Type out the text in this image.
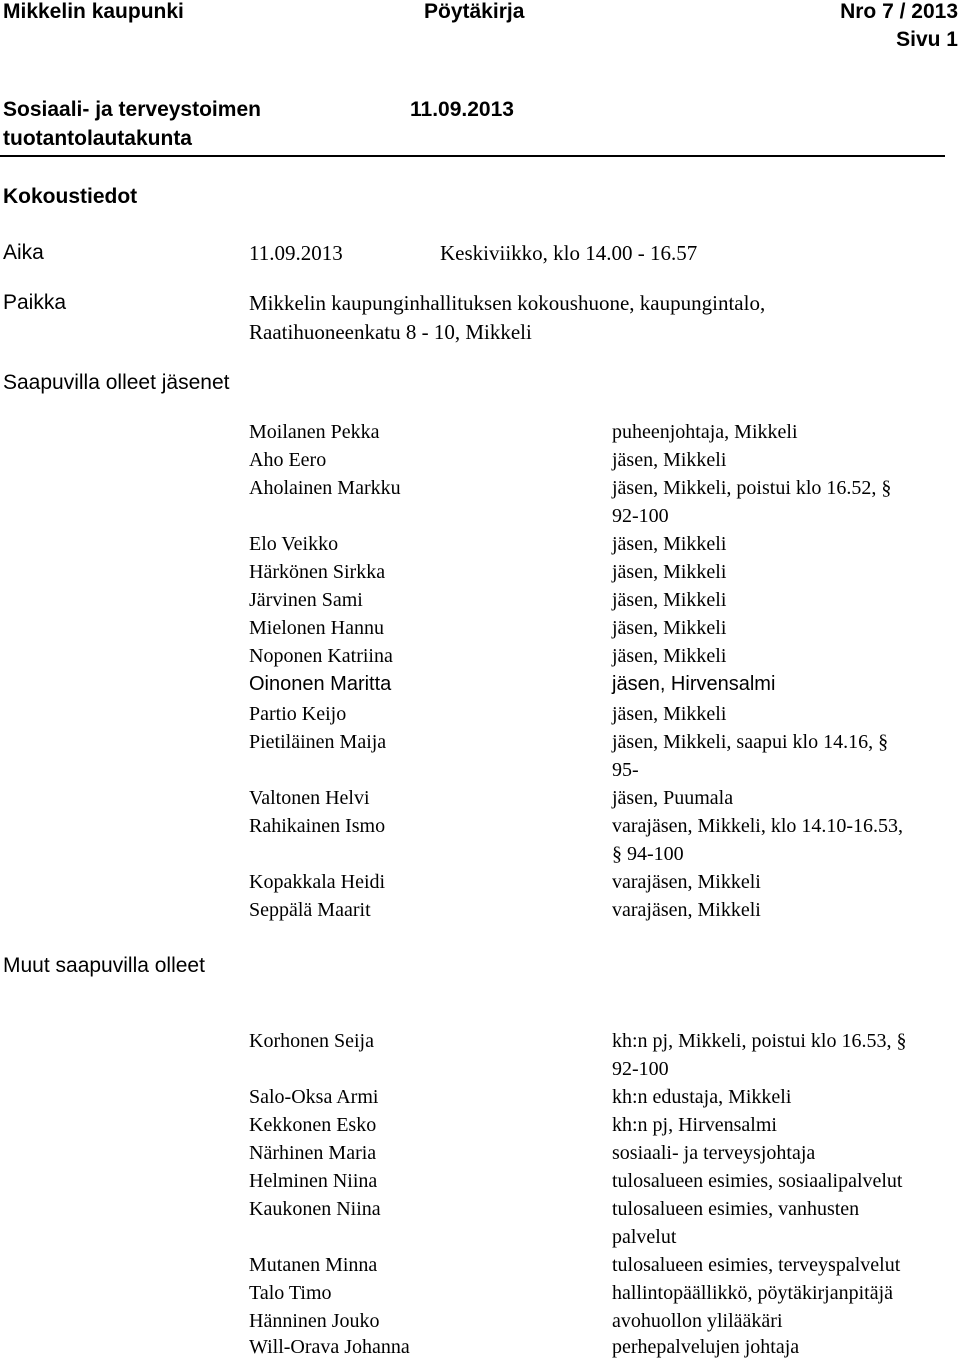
Mikkelin kaupunki	Pöytäkirja	Nro 7 / 2013
Sivu 1
Sosiaali- ja terveystoimen
tuotantolautakunta
11.09.2013
Kokoustiedot
Aika	11.09.2013	Keskiviikko, klo 14.00 - 16.57
Paikka	Mikkelin kaupunginhallituksen kokoushuone, kaupungintalo,
Raatihuoneenkatu 8 - 10, Mikkeli
Saapuvilla olleet jäsenet
Moilanen Pekka	puheenjohtaja, Mikkeli
Aho Eero	jäsen, Mikkeli
Aholainen Markku	jäsen, Mikkeli, poistui klo 16.52, §
92-100
Elo Veikko	jäsen, Mikkeli
Härkönen Sirkka	jäsen, Mikkeli
Järvinen Sami	jäsen, Mikkeli
Mielonen Hannu	jäsen, Mikkeli
Noponen Katriina	jäsen, Mikkeli
Oinonen Maritta	jäsen, Hirvensalmi
Partio Keijo	jäsen, Mikkeli
Pietiläinen Maija	jäsen, Mikkeli, saapui klo 14.16, §
95-
Valtonen Helvi	jäsen, Puumala
Rahikainen Ismo	varajäsen, Mikkeli, klo 14.10-16.53,
§ 94-100
Kopakkala Heidi	varajäsen, Mikkeli
Seppälä Maarit	varajäsen, Mikkeli
Muut saapuvilla olleet
Korhonen Seija	kh:n pj, Mikkeli, poistui klo 16.53, §
92-100
Salo-Oksa Armi	kh:n edustaja, Mikkeli
Kekkonen Esko	kh:n pj, Hirvensalmi
Närhinen Maria	sosiaali- ja terveysjohtaja
Helminen Niina	tulosalueen esimies, sosiaalipalvelut
Kaukonen Niina	tulosalueen esimies, vanhusten
palvelut
Mutanen Minna	tulosalueen esimies, terveyspalvelut
Talo Timo	hallintopäällikkö, pöytäkirjanpitäjä
Hänninen Jouko	avohuollon ylilääkäri
Will-Orava Johanna	perhepalvelujen johtaja
